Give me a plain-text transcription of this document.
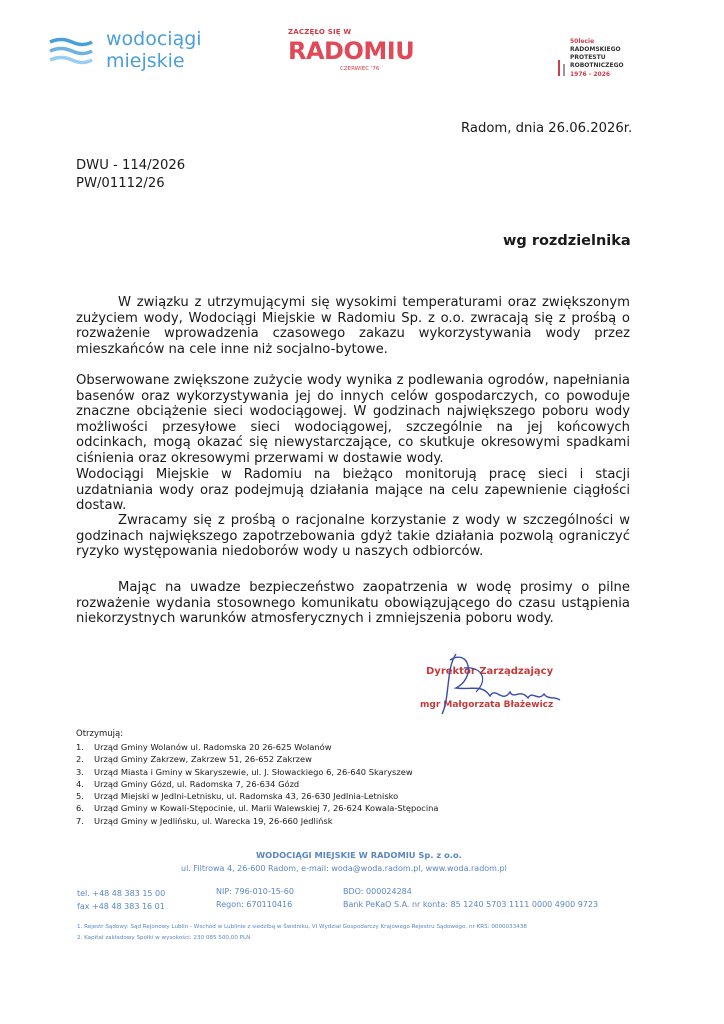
wodociągi
miejskie
ZACZĘŁO SIĘ W
RADOMIU
CZERWIEC '76
50lecie
RADOMSKIEGO
PROTESTU
ROBOTNICZEGO
1976 - 2026
Radom, dnia 26.06.2026r.
DWU - 114/2026
PW/01112/26
wg rozdzielnika
W związku z utrzymującymi się wysokimi temperaturami oraz zwiększonym zużyciem wody, Wodociągi Miejskie w Radomiu Sp. z o.o. zwracają się z prośbą o rozważenie wprowadzenia czasowego zakazu wykorzystywania wody przez mieszkańców na cele inne niż socjalno-bytowe.
Obserwowane zwiększone zużycie wody wynika z podlewania ogrodów, napełniania basenów oraz wykorzystywania jej do innych celów gospodarczych, co powoduje znaczne obciążenie sieci wodociągowej. W godzinach największego poboru wody możliwości przesyłowe sieci wodociągowej, szczególnie na jej końcowych odcinkach, mogą okazać się niewystarczające, co skutkuje okresowymi spadkami ciśnienia oraz okresowymi przerwami w dostawie wody.
Wodociągi Miejskie w Radomiu na bieżąco monitorują pracę sieci i stacji uzdatniania wody oraz podejmują działania mające na celu zapewnienie ciągłości dostaw.
Zwracamy się z prośbą o racjonalne korzystanie z wody w szczególności w godzinach największego zapotrzebowania gdyż takie działania pozwolą ograniczyć ryzyko występowania niedoborów wody u naszych odbiorców.
Mając na uwadze bezpieczeństwo zaopatrzenia w wodę prosimy o pilne rozważenie wydania stosownego komunikatu obowiązującego do czasu ustąpienia niekorzystnych warunków atmosferycznych i zmniejszenia poboru wody.
Dyrektor Zarządzający
mgr Małgorzata Błażewicz
Otrzymują:
1. Urząd Gminy Wolanów ul. Radomska 20 26-625 Wolanów
2. Urząd Gminy Zakrzew, Zakrzew 51, 26-652 Zakrzew
3. Urząd Miasta i Gminy w Skaryszewie, ul. J. Słowackiego 6, 26-640 Skaryszew
4. Urząd Gminy Gózd, ul. Radomska 7, 26-634 Gózd
5. Urząd Miejski w Jedlni-Letnisku, ul. Radomska 43, 26-630 Jedlnia-Letnisko
6. Urząd Gminy w Kowali-Stępocinie, ul. Marii Walewskiej 7, 26-624 Kowala-Stępocina
7. Urząd Gminy w Jedlińsku, ul. Warecka 19, 26-660 Jedlińsk
WODOCIĄGI MIEJSKIE W RADOMIU Sp. z o.o.
ul. Filtrowa 4, 26-600 Radom, e-mail: woda@woda.radom.pl, www.woda.radom.pl
tel. +48 48 383 15 00
fax +48 48 383 16 01
NIP: 796-010-15-60
Regon: 670110416
BDO: 000024284
Bank PeKaO S.A. nr konta: 85 1240 5703 1111 0000 4900 9723
1. Rejestr Sądowy: Sąd Rejonowy Lublin - Wschód w Lublinie z siedzibą w Świdniku, VI Wydział Gospodarczy Krajowego Rejestru Sądowego, nr KRS: 0000033438
2. Kapitał zakładowy Spółki w wysokości: 230 085 500,00 PLN
